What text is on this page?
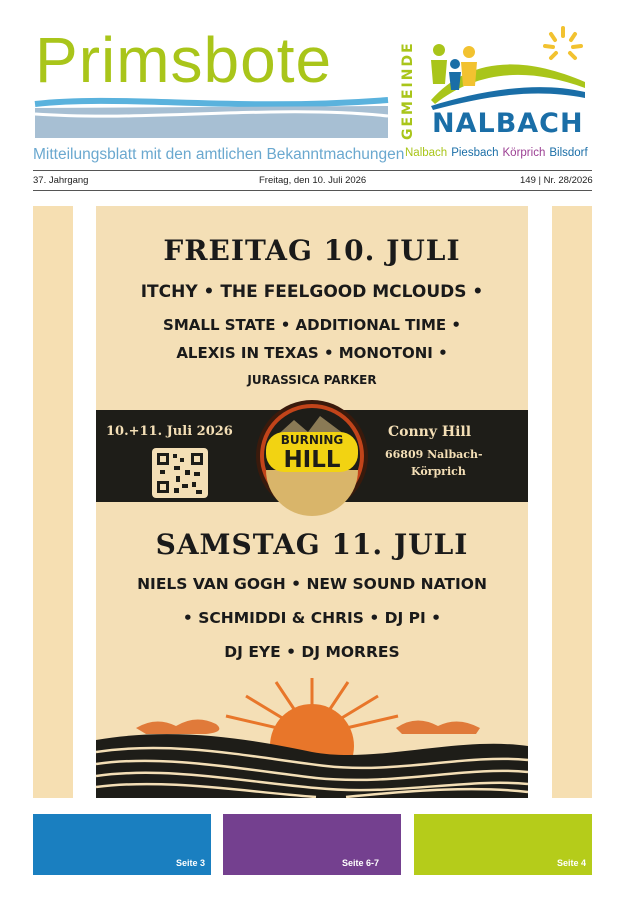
Primsbote
Mitteilungsblatt mit den amtlichen Bekanntmachungen
GEMEINDE NALBACH
Nalbach Piesbach Körprich Bilsdorf
37. Jahrgang	Freitag, den 10. Juli 2026	149 | Nr. 28/2026
FREITAG 10. JULI
ITCHY • THE FEELGOOD MCLOUDS •
SMALL STATE • ADDITIONAL TIME •
ALEXIS IN TEXAS • MONOTONI •
JURASSICA PARKER
10.+11. Juli 2026
BURNING
HILL
Conny Hill
66809 Nalbach-
Körprich
SAMSTAG 11. JULI
NIELS VAN GOGH • NEW SOUND NATION
• SCHMIDDI & CHRIS • DJ PI •
DJ EYE • DJ MORRES
Seite 3	Seite 6-7	Seite 4
